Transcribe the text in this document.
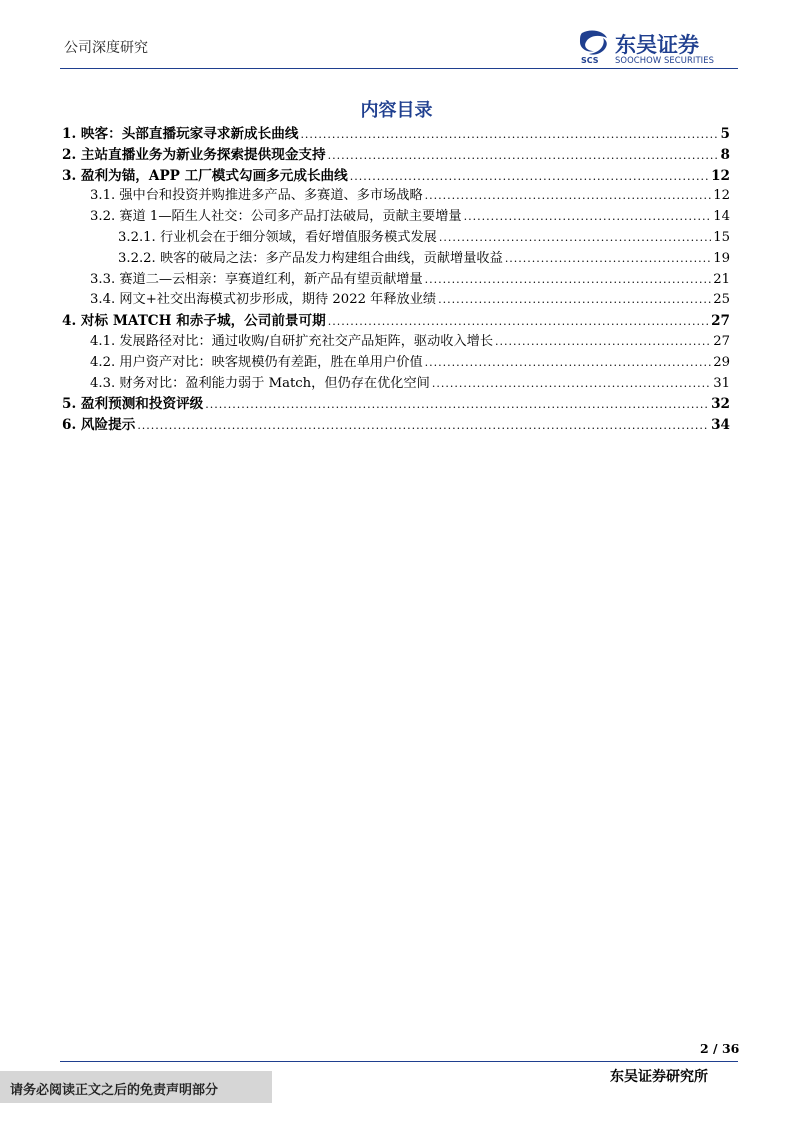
公司深度研究
SCS
东吴证券
SOOCHOW SECURITIES
内容目录
1. 映客：头部直播玩家寻求新成长曲线 .....	5
2. 主站直播业务为新业务探索提供现金支持 .....	8
3. 盈利为锚，APP 工厂模式勾画多元成长曲线 .....	12
3.1. 强中台和投资并购推进多产品、多赛道、多市场战略 .....	12
3.2. 赛道 1—陌生人社交：公司多产品打法破局，贡献主要增量 .....	14
3.2.1. 行业机会在于细分领域，看好增值服务模式发展 .....	15
3.2.2. 映客的破局之法：多产品发力构建组合曲线，贡献增量收益 .....	19
3.3. 赛道二—云相亲：享赛道红利，新产品有望贡献增量 .....	21
3.4. 网文+社交出海模式初步形成，期待 2022 年释放业绩 .....	25
4. 对标 MATCH 和赤子城，公司前景可期 .....	27
4.1. 发展路径对比：通过收购/自研扩充社交产品矩阵，驱动收入增长 .....	27
4.2. 用户资产对比：映客规模仍有差距，胜在单用户价值 .....	29
4.3. 财务对比：盈利能力弱于 Match，但仍存在优化空间 .....	31
5. 盈利预测和投资评级 .....	32
6. 风险提示 .....	34
2 / 36
请务必阅读正文之后的免责声明部分
东吴证券研究所
